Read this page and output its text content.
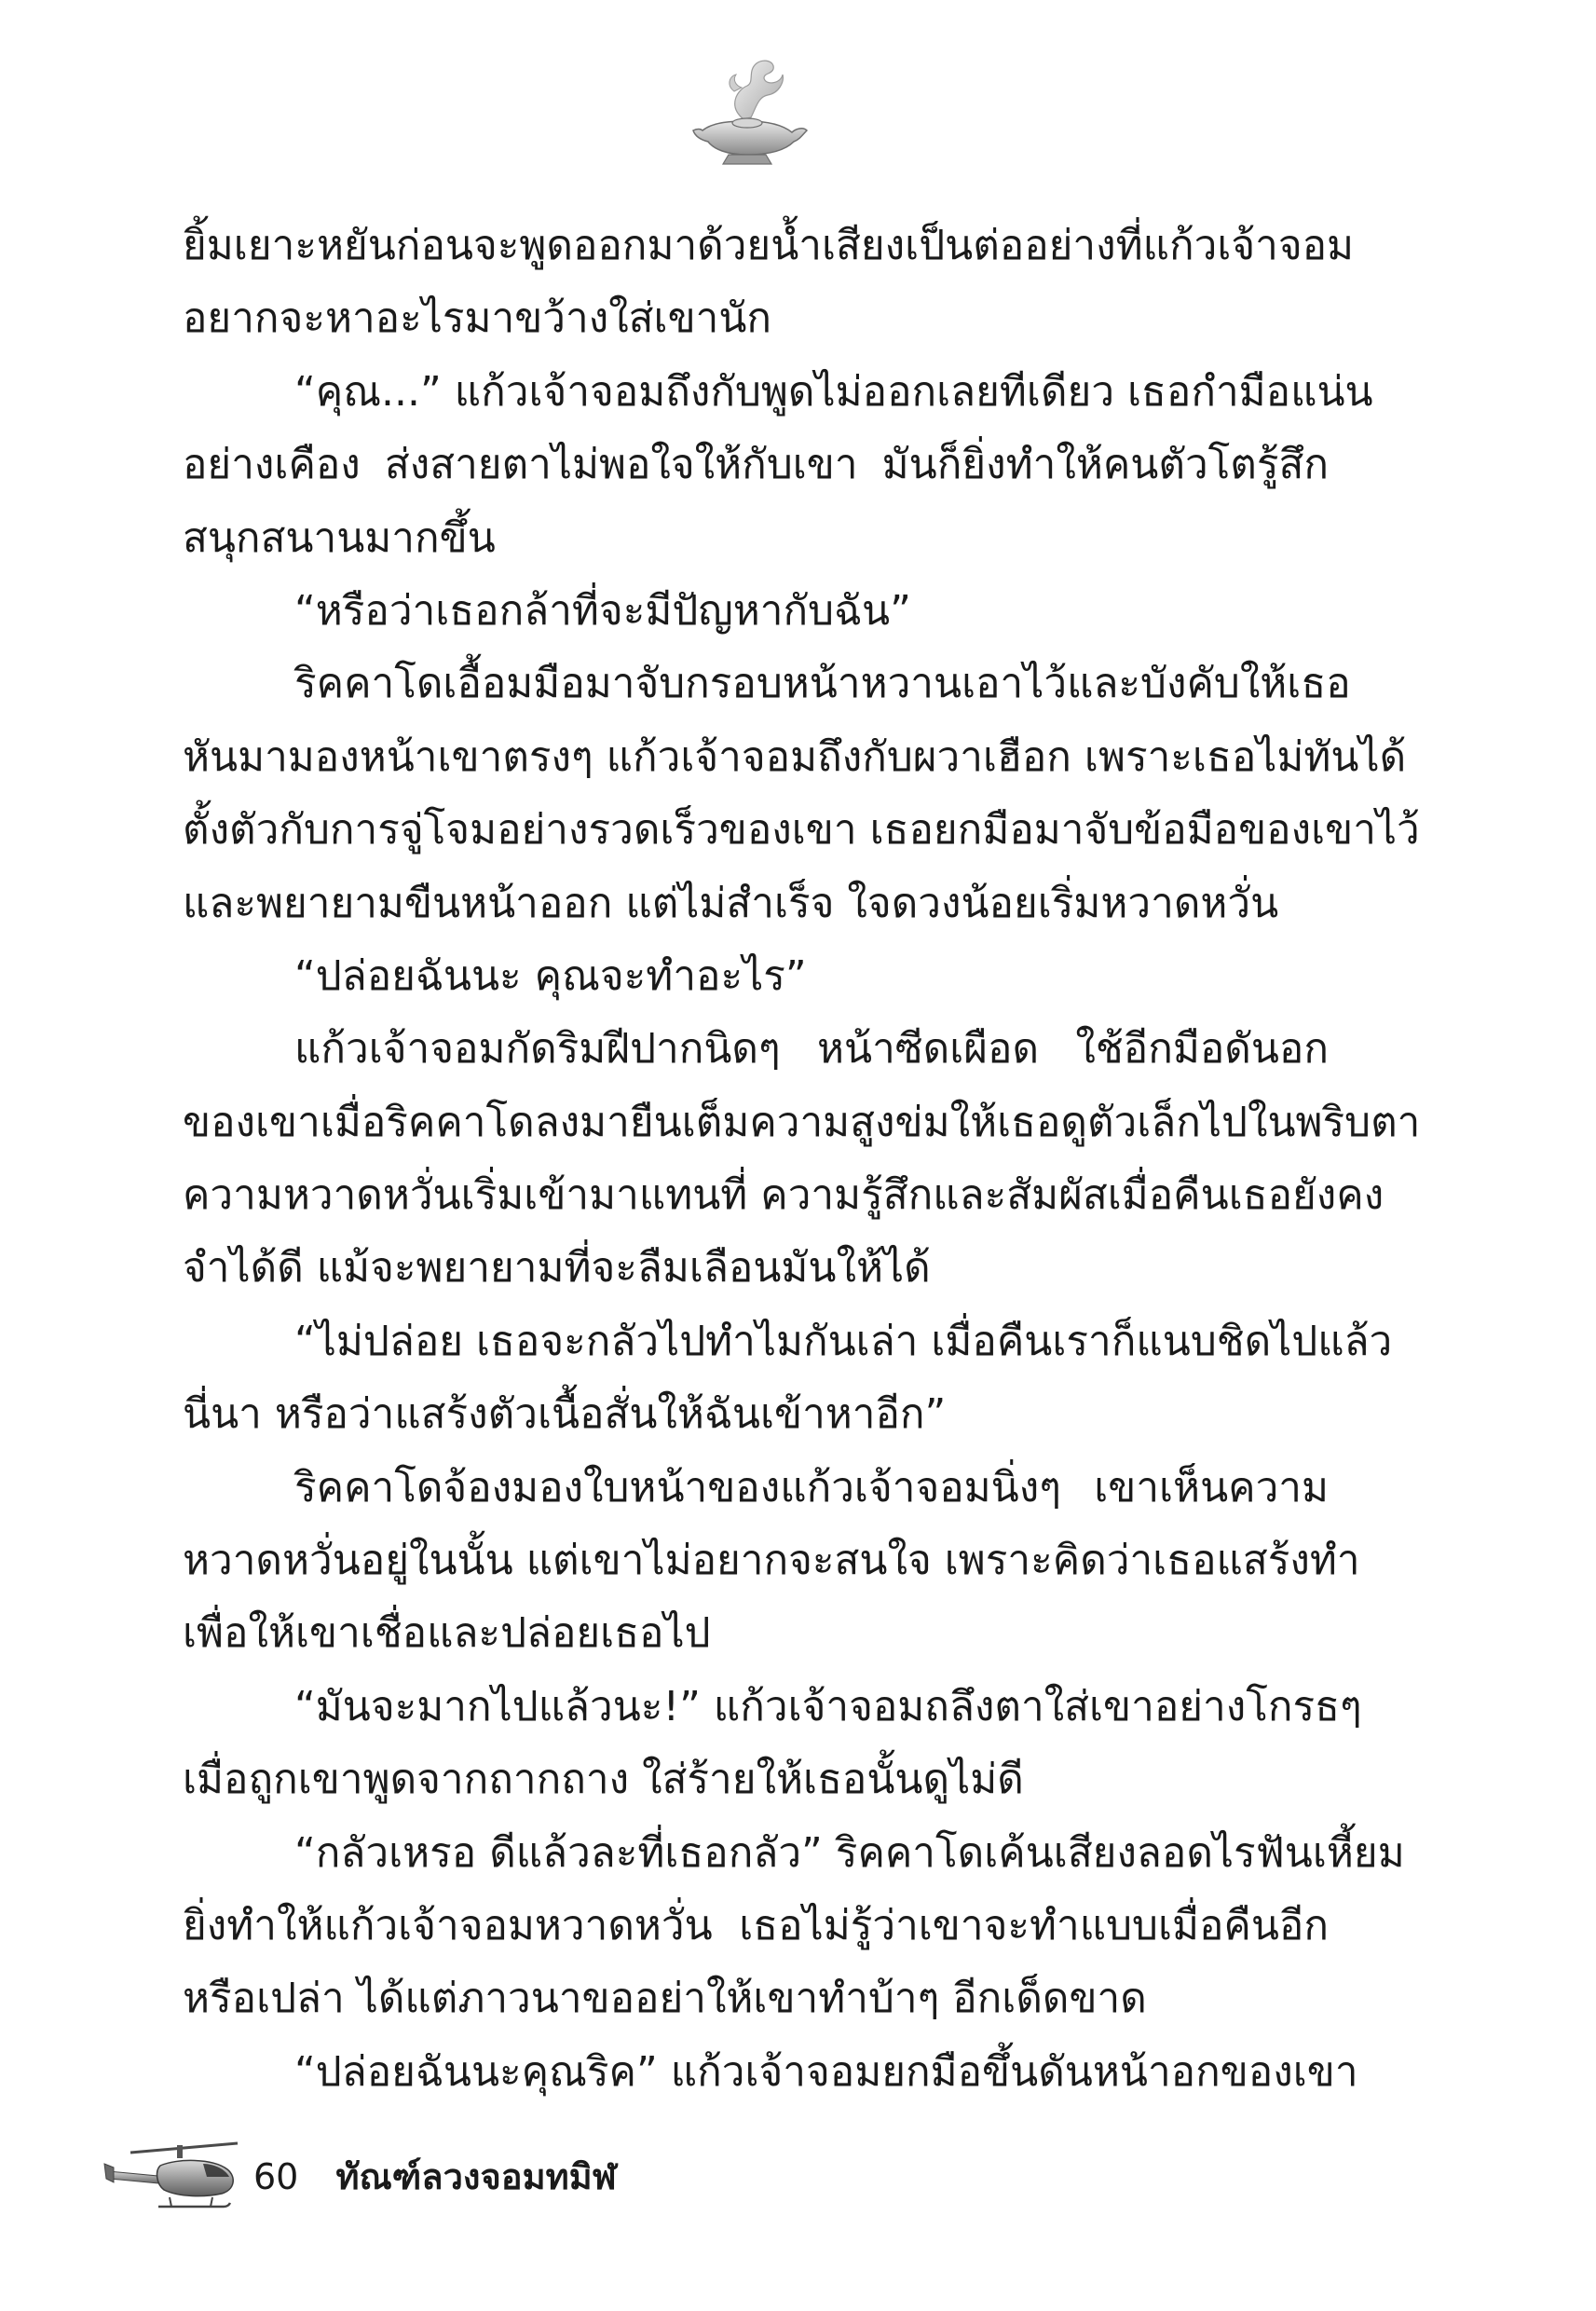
ยิ้มเยาะหยันก่อนจะพูดออกมาด้วยน้ำเสียงเป็นต่ออย่างที่แก้วเจ้าจอม
อยากจะหาอะไรมาขว้างใส่เขานัก
“คุณ...” แก้วเจ้าจอมถึงกับพูดไม่ออกเลยทีเดียว เธอกำมือแน่น
อย่างเคือง ส่งสายตาไม่พอใจให้กับเขา มันก็ยิ่งทำให้คนตัวโตรู้สึก
สนุกสนานมากขึ้น
“หรือว่าเธอกล้าที่จะมีปัญหากับฉัน”
ริคคาโดเอื้อมมือมาจับกรอบหน้าหวานเอาไว้และบังคับให้เธอ
หันมามองหน้าเขาตรงๆ แก้วเจ้าจอมถึงกับผวาเฮือก เพราะเธอไม่ทันได้
ตั้งตัวกับการจู่โจมอย่างรวดเร็วของเขา เธอยกมือมาจับข้อมือของเขาไว้
และพยายามขืนหน้าออก แต่ไม่สำเร็จ ใจดวงน้อยเริ่มหวาดหวั่น
“ปล่อยฉันนะ คุณจะทำอะไร”
แก้วเจ้าจอมกัดริมฝีปากนิดๆ หน้าซีดเผือด ใช้อีกมือดันอก
ของเขาเมื่อริคคาโดลงมายืนเต็มความสูงข่มให้เธอดูตัวเล็กไปในพริบตา
ความหวาดหวั่นเริ่มเข้ามาแทนที่ ความรู้สึกและสัมผัสเมื่อคืนเธอยังคง
จำได้ดี แม้จะพยายามที่จะลืมเลือนมันให้ได้
“ไม่ปล่อย เธอจะกลัวไปทำไมกันเล่า เมื่อคืนเราก็แนบชิดไปแล้ว
นี่นา หรือว่าแสร้งตัวเนื้อสั่นให้ฉันเข้าหาอีก”
ริคคาโดจ้องมองใบหน้าของแก้วเจ้าจอมนิ่งๆ เขาเห็นความ
หวาดหวั่นอยู่ในนั้น แต่เขาไม่อยากจะสนใจ เพราะคิดว่าเธอแสร้งทำ
เพื่อให้เขาเชื่อและปล่อยเธอไป
“มันจะมากไปแล้วนะ!” แก้วเจ้าจอมถลึงตาใส่เขาอย่างโกรธๆ
เมื่อถูกเขาพูดจากถากถาง ใส่ร้ายให้เธอนั้นดูไม่ดี
“กลัวเหรอ ดีแล้วละที่เธอกลัว” ริคคาโดเค้นเสียงลอดไรฟันเหี้ยม
ยิ่งทำให้แก้วเจ้าจอมหวาดหวั่น เธอไม่รู้ว่าเขาจะทำแบบเมื่อคืนอีก
หรือเปล่า ได้แต่ภาวนาขออย่าให้เขาทำบ้าๆ อีกเด็ดขาด
“ปล่อยฉันนะคุณริค” แก้วเจ้าจอมยกมือขึ้นดันหน้าอกของเขา
60 ทัณฑ์ลวงจอมทมิฬ
